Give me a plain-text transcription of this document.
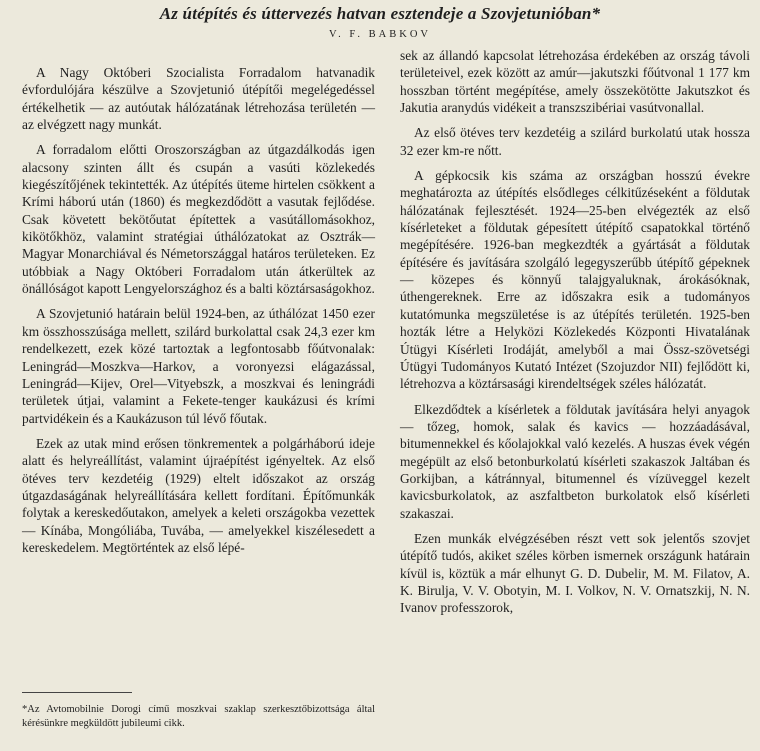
Az útépítés és úttervezés hatvan esztendeje a Szovjetunióban*
V. F. BABKOV

A Nagy Októberi Szocialista Forradalom hatvanadik évfordulójára készülve a Szovjetunió útépítői megelégedéssel értékelhetik — az autóutak hálózatának létrehozása területén — az elvégzett nagy munkát.

A forradalom előtti Oroszországban az útgazdálkodás igen alacsony szinten állt és csupán a vasúti közlekedés kiegészítőjének tekintették. Az útépítés üteme hirtelen csökkent a Krími háború után (1860) és megkezdődött a vasutak fejlődése. Csak követett bekötőutat építettek a vasútállomásokhoz, kikötőkhöz, valamint stratégiai úthálózatokat az Osztrák—Magyar Monarchiával és Németországgal határos területeken. Ez utóbbiak a Nagy Októberi Forradalom után átkerültek az önállóságot kapott Lengyelországhoz és a balti köztársaságokhoz.

A Szovjetunió határain belül 1924-ben, az úthálózat 1450 ezer km összhosszúsága mellett, szilárd burkolattal csak 24,3 ezer km rendelkezett, ezek közé tartoztak a legfontosabb főútvonalak: Leningrád—Moszkva—Harkov, a voronyezsi elágazással, Leningrád—Kijev, Orel—Vityebszk, a moszkvai és leningrádi területek útjai, valamint a Fekete-tenger kaukázusi és krími partvidékein és a Kaukázuson túl lévő főutak.

Ezek az utak mind erősen tönkrementek a polgárháború ideje alatt és helyreállítást, valamint újraépítést igényeltek. Az első ötéves terv kezdetéig (1929) eltelt időszakot az ország útgazdaságának helyreállítására kellett fordítani. Építőmunkák folytak a kereskedőutakon, amelyek a keleti országokba vezettek — Kínába, Mongóliába, Tuvába, — amelyekkel kiszélesedett a kereskedelem. Megtörténtek az első lépé-

sek az állandó kapcsolat létrehozása érdekében az ország távoli területeivel, ezek között az amúr—jakutszki főútvonal 1 177 km hosszban történt megépítése, amely összekötötte Jakutszkot és Jakutia aranydús vidékeit a transzszibériai vasútvonallal.

Az első ötéves terv kezdetéig a szilárd burkolatú utak hossza 32 ezer km-re nőtt.

A gépkocsik kis száma az országban hosszú évekre meghatározta az útépítés elsődleges célkitűzéseként a földutak hálózatának fejlesztését. 1924—25-ben elvégezték az első kísérleteket a földutak gépesített útépítő csapatokkal történő megépítésére. 1926-ban megkezdték a gyártását a földutak építésére és javítására szolgáló legegyszerűbb útépítő gépeknek — közepes és könnyű talajgyaluknak, árokásóknak, úthengereknek. Erre az időszakra esik a tudományos kutatómunka megszületése is az útépítés területén. 1925-ben hozták létre a Helyközi Közlekedés Központi Hivatalának Útügyi Kísérleti Irodáját, amelyből a mai Össz-szövetségi Útügyi Tudományos Kutató Intézet (Szojuzdor NII) fejlődött ki, létrehozva a köztársasági kirendeltségek széles hálózatát.

Elkezdődtek a kísérletek a földutak javítására helyi anyagok — tőzeg, homok, salak és kavics — hozzáadásával, bitumennekkel és kőolajokkal való kezelés. A huszas évek végén megépült az első betonburkolatú kísérleti szakaszok Jaltában és Gorkijban, a kátránnyal, bitumennel és vízüveggel kezelt kavicsburkolatok, az aszfaltbeton burkolatok első kísérleti szakaszai.

Ezen munkák elvégzésében részt vett sok jelentős szovjet útépítő tudós, akiket széles körben ismernek országunk határain kívül is, köztük a már elhunyt G. D. Dubelir, M. M. Filatov, A. K. Birulja, V. V. Obotyin, M. I. Volkov, N. V. Ornatszkij, N. N. Ivanov professzorok,

*Az Avtomobilnie Dorogi című moszkvai szaklap szerkesztőbizottsága által kérésünkre megküldött jubileumi cikk.
